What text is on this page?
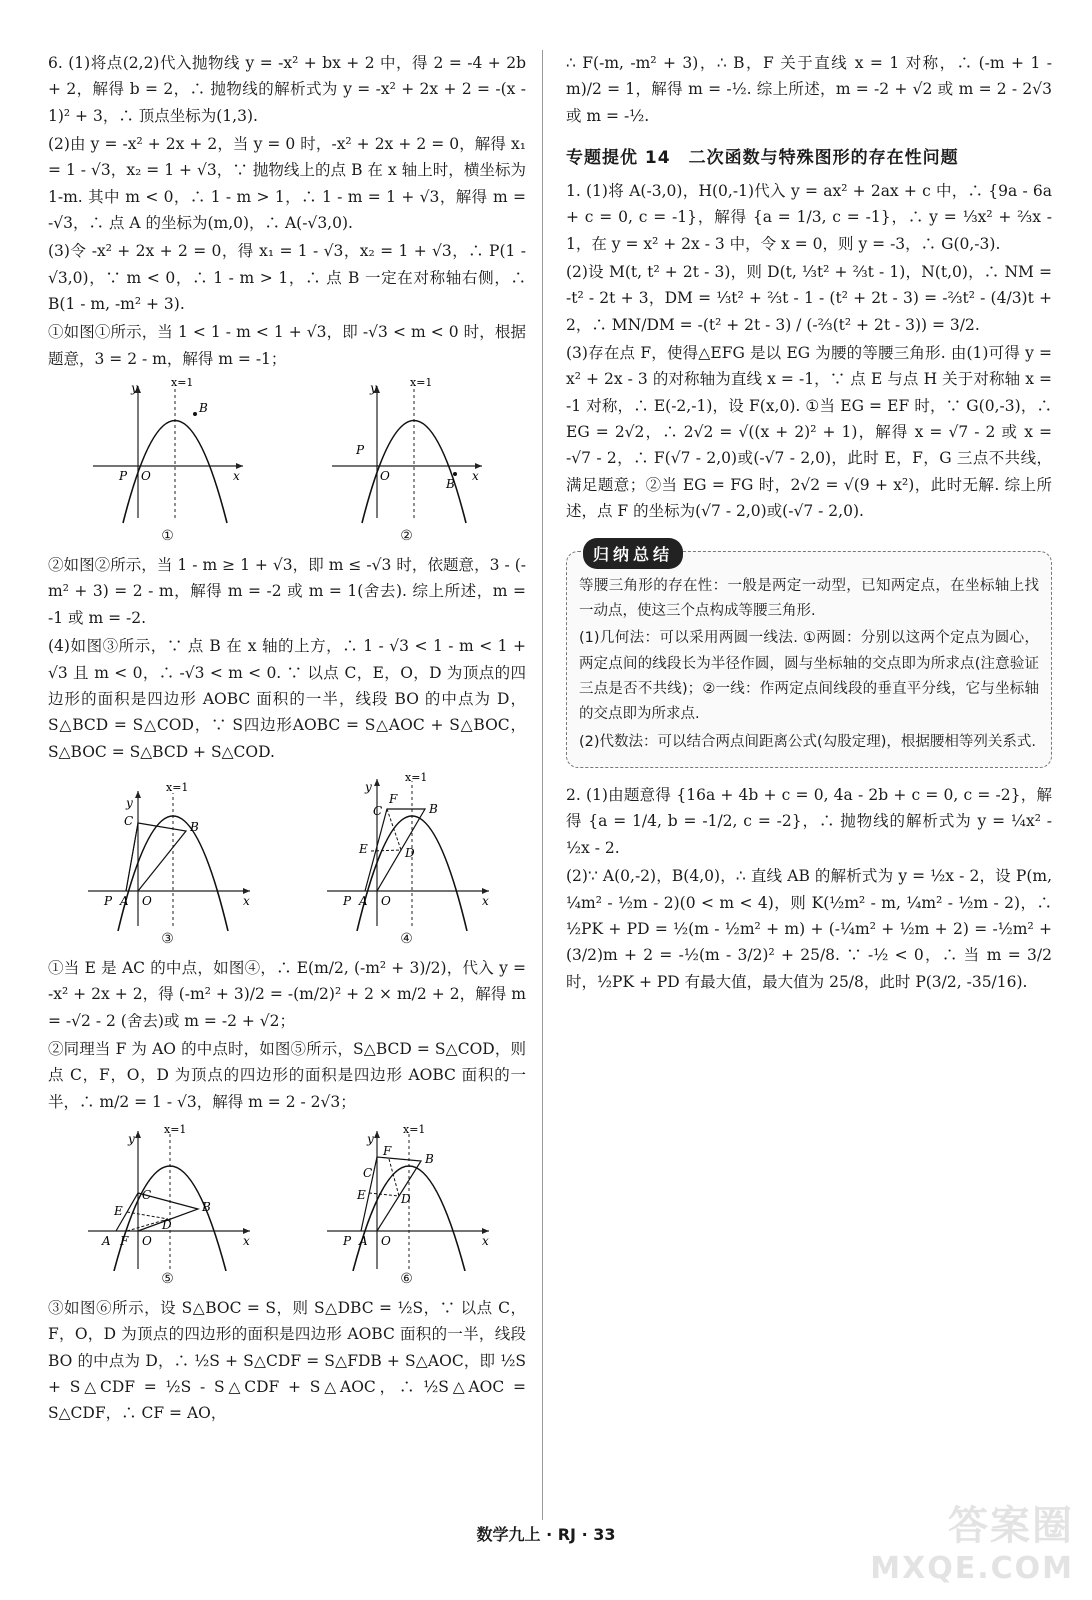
6. (1)将点(2,2)代入抛物线 y = -x² + bx + 2 中，得 2 = -4 + 2b + 2，解得 b = 2，∴ 抛物线的解析式为 y = -x² + 2x + 2 = -(x - 1)² + 3，∴ 顶点坐标为(1,3).

(2)由 y = -x² + 2x + 2，当 y = 0 时，-x² + 2x + 2 = 0，解得 x₁ = 1 - √3，x₂ = 1 + √3，∵ 抛物线上的点 B 在 x 轴上时，横坐标为 1-m. 其中 m < 0，∴ 1 - m > 1，∴ 1 - m = 1 + √3，解得 m = -√3，∴ 点 A 的坐标为(m,0)，∴ A(-√3,0).

(3)令 -x² + 2x + 2 = 0，得 x₁ = 1 - √3，x₂ = 1 + √3，∴ P(1 - √3,0)，∵ m < 0，∴ 1 - m > 1，∴ 点 B 一定在对称轴右侧，∴ B(1 - m, -m² + 3).

①如图①所示，当 1 < 1 - m < 1 + √3，即 -√3 < m < 0 时，根据题意，3 = 2 - m，解得 m = -1；

y	x=1
B
P O	x
①
y	x=1
B
P
O	x
②

②如图②所示，当 1 - m ≥ 1 + √3，即 m ≤ -√3 时，依题意，3 - (-m² + 3) = 2 - m，解得 m = -2 或 m = 1(舍去). 综上所述，m = -1 或 m = -2.

(4)如图③所示，∵ 点 B 在 x 轴的上方，∴ 1 - √3 < 1 - m < 1 + √3 且 m < 0，∴ -√3 < m < 0. ∵ 以点 C，E，O，D 为顶点的四边形的面积是四边形 AOBC 面积的一半，线段 BO 的中点为 D，S△BCD = S△COD，∵ S四边形AOBC = S△AOC + S△BOC，S△BOC = S△BCD + S△COD.

y
x=1
C	B
P A O	x
③
y
x=1
C
F
B
E	D
P A O	x
④

①当 E 是 AC 的中点，如图④，∴ E(m/2, (-m² + 3)/2)，代入 y = -x² + 2x + 2，得 (-m² + 3)/2 = -(m/2)² + 2 × m/2 + 2，解得 m = -√2 - 2 (舍去)或 m = -2 + √2；

②同理当 F 为 AO 的中点时，如图⑤所示，S△BCD = S△COD，则点 C，F，O，D 为顶点的四边形的面积是四边形 AOBC 面积的一半，∴ m/2 = 1 - √3，解得 m = 2 - 2√3；

y
x=1
C
B
E
D
A F O	x
⑤
y
x=1
C
F
B
E	D
P A O	x
⑥

③如图⑥所示，设 S△BOC = S，则 S△DBC = ½S，∵ 以点 C，F，O，D 为顶点的四边形的面积是四边形 AOBC 面积的一半，线段 BO 的中点为 D，∴ ½S + S△CDF = S△FDB + S△AOC，即 ½S + S△CDF = ½S - S△CDF + S△AOC，∴ ½S△AOC = S△CDF，∴ CF = AO，

∴ F(-m, -m² + 3)，∴ B，F 关于直线 x = 1 对称，∴ (-m + 1 - m)/2 = 1，解得 m = -½. 综上所述，m = -2 + √2 或 m = 2 - 2√3 或 m = -½.

专题提优 14　二次函数与特殊图形的存在性问题

1. (1)将 A(-3,0)，H(0,-1)代入 y = ax² + 2ax + c 中，∴ {9a - 6a + c = 0, c = -1}，解得 {a = 1/3, c = -1}，∴ y = ⅓x² + ⅔x - 1，在 y = x² + 2x - 3 中，令 x = 0，则 y = -3，∴ G(0,-3).

(2)设 M(t, t² + 2t - 3)，则 D(t, ⅓t² + ⅔t - 1)，N(t,0)，∴ NM = -t² - 2t + 3，DM = ⅓t² + ⅔t - 1 - (t² + 2t - 3) = -⅔t² - (4/3)t + 2，∴ MN/DM = -(t² + 2t - 3) / (-⅔(t² + 2t - 3)) = 3/2.

(3)存在点 F，使得△EFG 是以 EG 为腰的等腰三角形. 由(1)可得 y = x² + 2x - 3 的对称轴为直线 x = -1，∵ 点 E 与点 H 关于对称轴 x = -1 对称，∴ E(-2,-1)，设 F(x,0). ①当 EG = EF 时，∵ G(0,-3)，∴ EG = 2√2，∴ 2√2 = √((x + 2)² + 1)，解得 x = √7 - 2 或 x = -√7 - 2，∴ F(√7 - 2,0)或(-√7 - 2,0)，此时 E，F，G 三点不共线，满足题意；②当 EG = FG 时，2√2 = √(9 + x²)，此时无解. 综上所述，点 F 的坐标为(√7 - 2,0)或(-√7 - 2,0).

归纳总结

等腰三角形的存在性：一般是两定一动型，已知两定点，在坐标轴上找一动点，使这三个点构成等腰三角形.

(1)几何法：可以采用两圆一线法. ①两圆：分别以这两个定点为圆心，两定点间的线段长为半径作圆，圆与坐标轴的交点即为所求点(注意验证三点是否不共线)；②一线：作两定点间线段的垂直平分线，它与坐标轴的交点即为所求点.

(2)代数法：可以结合两点间距离公式(勾股定理)，根据腰相等列关系式.

2. (1)由题意得 {16a + 4b + c = 0, 4a - 2b + c = 0, c = -2}，解得 {a = 1/4, b = -1/2, c = -2}，∴ 抛物线的解析式为 y = ¼x² - ½x - 2.

(2)∵ A(0,-2)，B(4,0)，∴ 直线 AB 的解析式为 y = ½x - 2，设 P(m, ¼m² - ½m - 2)(0 < m < 4)，则 K(½m² - m, ¼m² - ½m - 2)，∴ ½PK + PD = ½(m - ½m² + m) + (-¼m² + ½m + 2) = -½m² + (3/2)m + 2 = -½(m - 3/2)² + 25/8. ∵ -½ < 0，∴ 当 m = 3/2 时，½PK + PD 有最大值，最大值为 25/8，此时 P(3/2, -35/16).

数学九上 · RJ · 33	答案圈
MXQE.COM
